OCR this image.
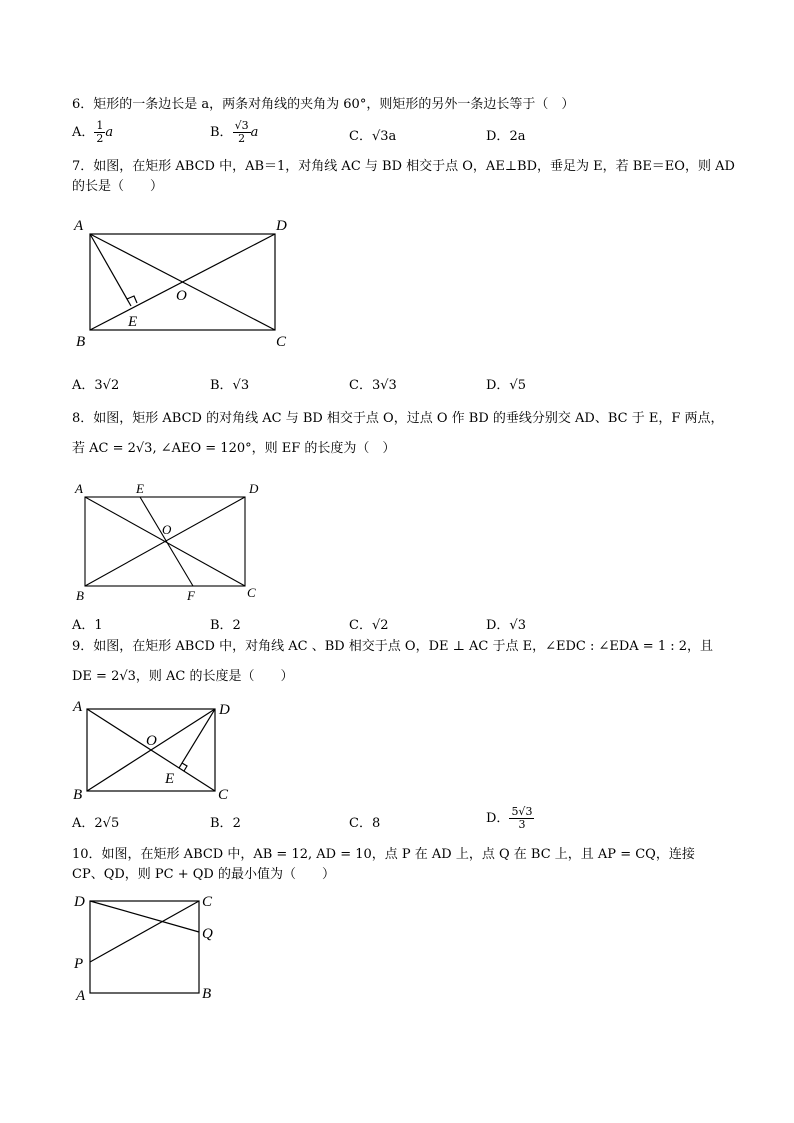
6．矩形的一条边长是 a，两条对角线的夹角为 60°，则矩形的另外一条边长等于（　）
A． $\frac{1}{2}$ a	B． $\frac{√3}{2}$ a	C．√3a	D．2a
7．如图，在矩形 ABCD 中，AB＝1，对角线 AC 与 BD 相交于点 O，AE⊥BD，垂足为 E，若 BE＝EO，则 AD
的长是（　　）
A	D
O
E
B	C
A	E	D
O
B	F	C
A	D
O
E
B	C
D	C
Q
P
A	B
A．3√2	B．√3	C．3√3	D．√5
8．如图，矩形 ABCD 的对角线 AC 与 BD 相交于点 O，过点 O 作 BD 的垂线分别交 AD、BC 于 E，F 两点，
若 AC = 2√3, ∠AEO = 120°，则 EF 的长度为（　）
A．1	B．2	C．√2	D．√3
9．如图，在矩形 ABCD 中，对角线 AC 、BD 相交于点 O，DE ⊥ AC 于点 E，∠EDC : ∠EDA = 1 : 2，且
DE = 2√3，则 AC 的长度是（　　）
A．2√5	B．2	C．8	D． $\frac{5√3}{3}$
10．如图，在矩形 ABCD 中，AB = 12, AD = 10，点 P 在 AD 上，点 Q 在 BC 上，且 AP = CQ，连接
CP、QD，则 PC + QD 的最小值为（　　）
